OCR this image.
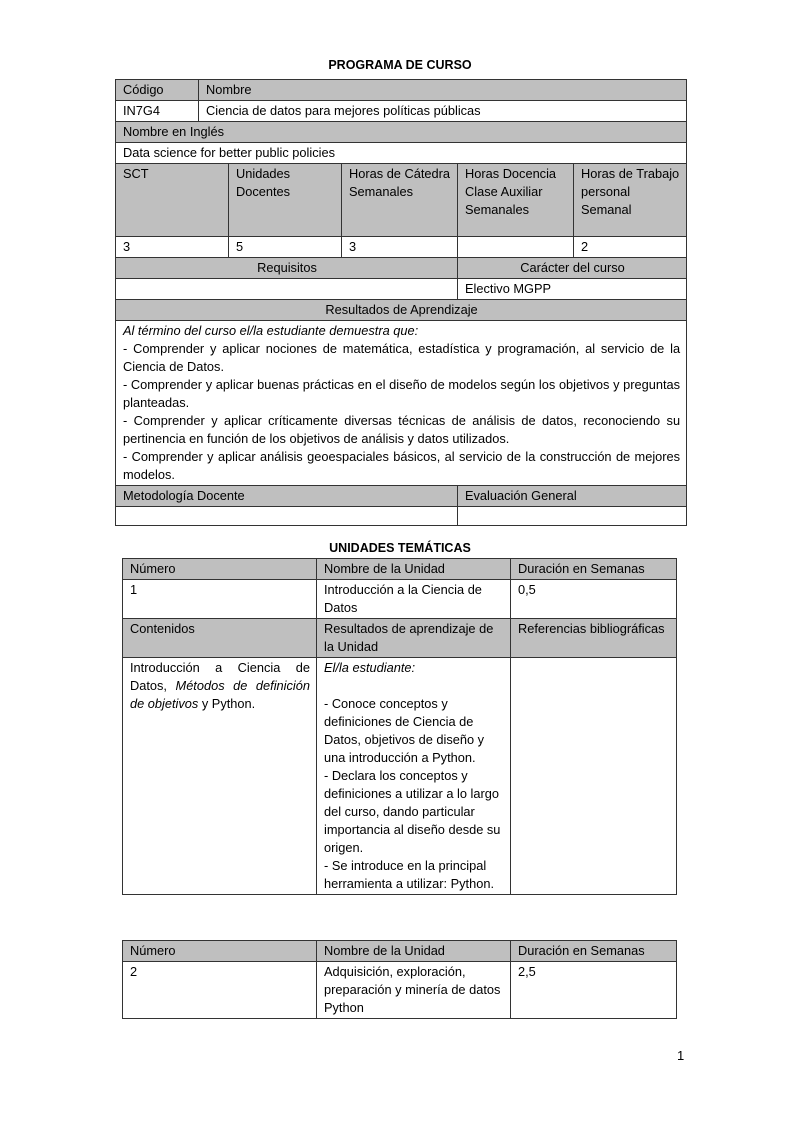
PROGRAMA DE CURSO
Código	Nombre				
IN7G4	Ciencia de datos para mejores políticas públicas				
Nombre en Inglés					
Data science for better public policies					
SCT		Unidades Docentes	Horas de Cátedra Semanales	Horas Docencia Clase Auxiliar Semanales	Horas de Trabajo personal Semanal
3		5	3		2
Requisitos				Carácter del curso	
				Electivo MGPP	
Resultados de Aprendizaje					

Al término del curso el/la estudiante demuestra que:

- Comprender y aplicar nociones de matemática, estadística y programación, al servicio de la Ciencia de Datos.

- Comprender y aplicar buenas prácticas en el diseño de modelos según los objetivos y preguntas planteadas.

- Comprender y aplicar críticamente diversas técnicas de análisis de datos, reconociendo su pertinencia en función de los objetivos de análisis y datos utilizados.

- Comprender y aplicar análisis geoespaciales básicos, al servicio de la construcción de mejores modelos.					

Metodología Docente				Evaluación General	

UNIDADES TEMÁTICAS
Número	Nombre de la Unidad	Duración en Semanas
1	Introducción a la Ciencia de Datos	0,5
Contenidos	Resultados de aprendizaje de la Unidad	Referencias bibliográficas
Introducción a Ciencia de Datos, Métodos de definición de objetivos y Python.	El/la estudiante:

- Conoce conceptos y definiciones de Ciencia de Datos, objetivos de diseño y una introducción a Python.

- Declara los conceptos y definiciones a utilizar a lo largo del curso, dando particular importancia al diseño desde su origen.

- Se introduce en la principal herramienta a utilizar: Python.	

Número	Nombre de la Unidad	Duración en Semanas
2	Adquisición, exploración, preparación y minería de datos Python	2,5
1
